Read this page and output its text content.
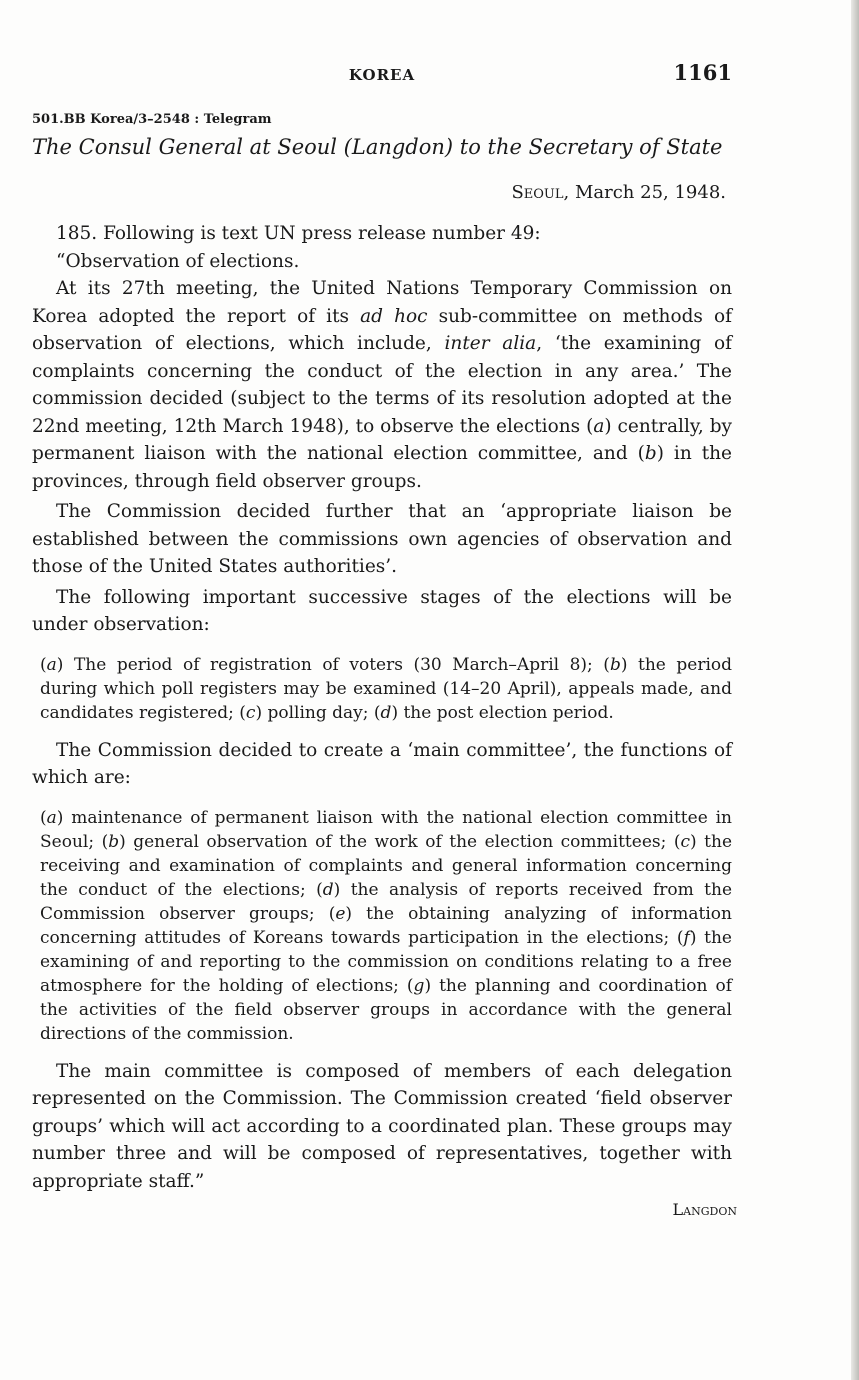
KOREA	1161
501.BB Korea/3–2548 : Telegram
The Consul General at Seoul (Langdon) to the Secretary of State
Seoul, March 25, 1948.

185. Following is text UN press release number 49:

“Observation of elections.

At its 27th meeting, the United Nations Temporary Commission on Korea adopted the report of its ad hoc sub-committee on methods of observation of elections, which include, inter alia, ‘the examining of complaints concerning the conduct of the election in any area.’ The commission decided (subject to the terms of its resolution adopted at the 22nd meeting, 12th March 1948), to observe the elections (a) centrally, by permanent liaison with the national election committee, and (b) in the provinces, through field observer groups.

The Commission decided further that an ‘appropriate liaison be established between the commissions own agencies of observation and those of the United States authorities’.

The following important successive stages of the elections will be under observation:

(a) The period of registration of voters (30 March–April 8); (b) the period during which poll registers may be examined (14–20 April), appeals made, and candidates registered; (c) polling day; (d) the post election period.

The Commission decided to create a ‘main committee’, the functions of which are:

(a) maintenance of permanent liaison with the national election committee in Seoul; (b) general observation of the work of the election committees; (c) the receiving and examination of complaints and general information concerning the conduct of the elections; (d) the analysis of reports received from the Commission observer groups; (e) the obtaining analyzing of information concerning attitudes of Koreans towards participation in the elections; (f) the examining of and reporting to the commission on conditions relating to a free atmosphere for the holding of elections; (g) the planning and coordination of the activities of the field observer groups in accordance with the general directions of the commission.

The main committee is composed of members of each delegation represented on the Commission. The Commission created ‘field observer groups’ which will act according to a coordinated plan. These groups may number three and will be composed of representatives, together with appropriate staff.”

Langdon
